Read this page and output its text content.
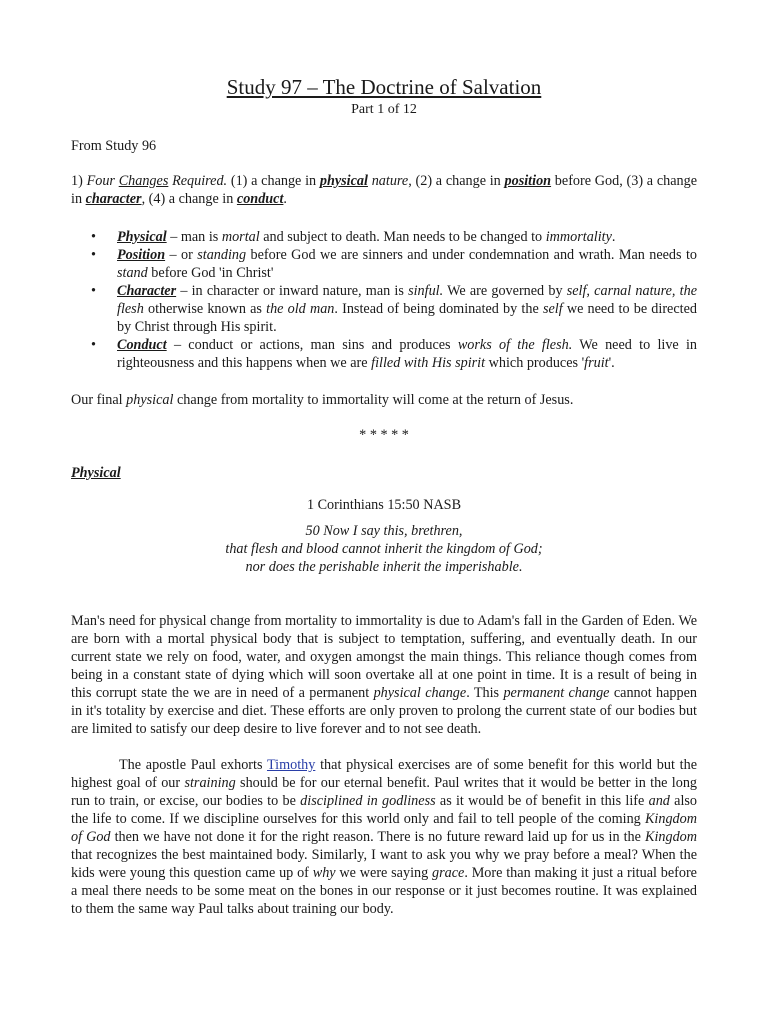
Study 97 – The Doctrine of Salvation
Part 1 of 12
From Study 96
1) Four Changes Required. (1) a change in physical nature, (2) a change in position before God, (3) a change in character, (4) a change in conduct.
• Physical – man is mortal and subject to death. Man needs to be changed to immortality.
• Position – or standing before God we are sinners and under condemnation and wrath. Man needs to stand before God 'in Christ'
• Character – in character or inward nature, man is sinful. We are governed by self, carnal nature, the flesh otherwise known as the old man. Instead of being dominated by the self we need to be directed by Christ through His spirit.
• Conduct – conduct or actions, man sins and produces works of the flesh. We need to live in righteousness and this happens when we are filled with His spirit which produces 'fruit'.
Our final physical change from mortality to immortality will come at the return of Jesus.
* * * * *
Physical
1 Corinthians 15:50 NASB
50 Now I say this, brethren,
that flesh and blood cannot inherit the kingdom of God;
nor does the perishable inherit the imperishable.
Man's need for physical change from mortality to immortality is due to Adam's fall in the Garden of Eden. We are born with a mortal physical body that is subject to temptation, suffering, and eventually death. In our current state we rely on food, water, and oxygen amongst the main things. This reliance though comes from being in a constant state of dying which will soon overtake all at one point in time. It is a result of being in this corrupt state the we are in need of a permanent physical change. This permanent change cannot happen in it's totality by exercise and diet. These efforts are only proven to prolong the current state of our bodies but are limited to satisfy our deep desire to live forever and to not see death.
The apostle Paul exhorts Timothy that physical exercises are of some benefit for this world but the highest goal of our straining should be for our eternal benefit. Paul writes that it would be better in the long run to train, or excise, our bodies to be disciplined in godliness as it would be of benefit in this life and also the life to come. If we discipline ourselves for this world only and fail to tell people of the coming Kingdom of God then we have not done it for the right reason. There is no future reward laid up for us in the Kingdom that recognizes the best maintained body. Similarly, I want to ask you why we pray before a meal? When the kids were young this question came up of why we were saying grace. More than making it just a ritual before a meal there needs to be some meat on the bones in our response or it just becomes routine. It was explained to them the same way Paul talks about training our body.
